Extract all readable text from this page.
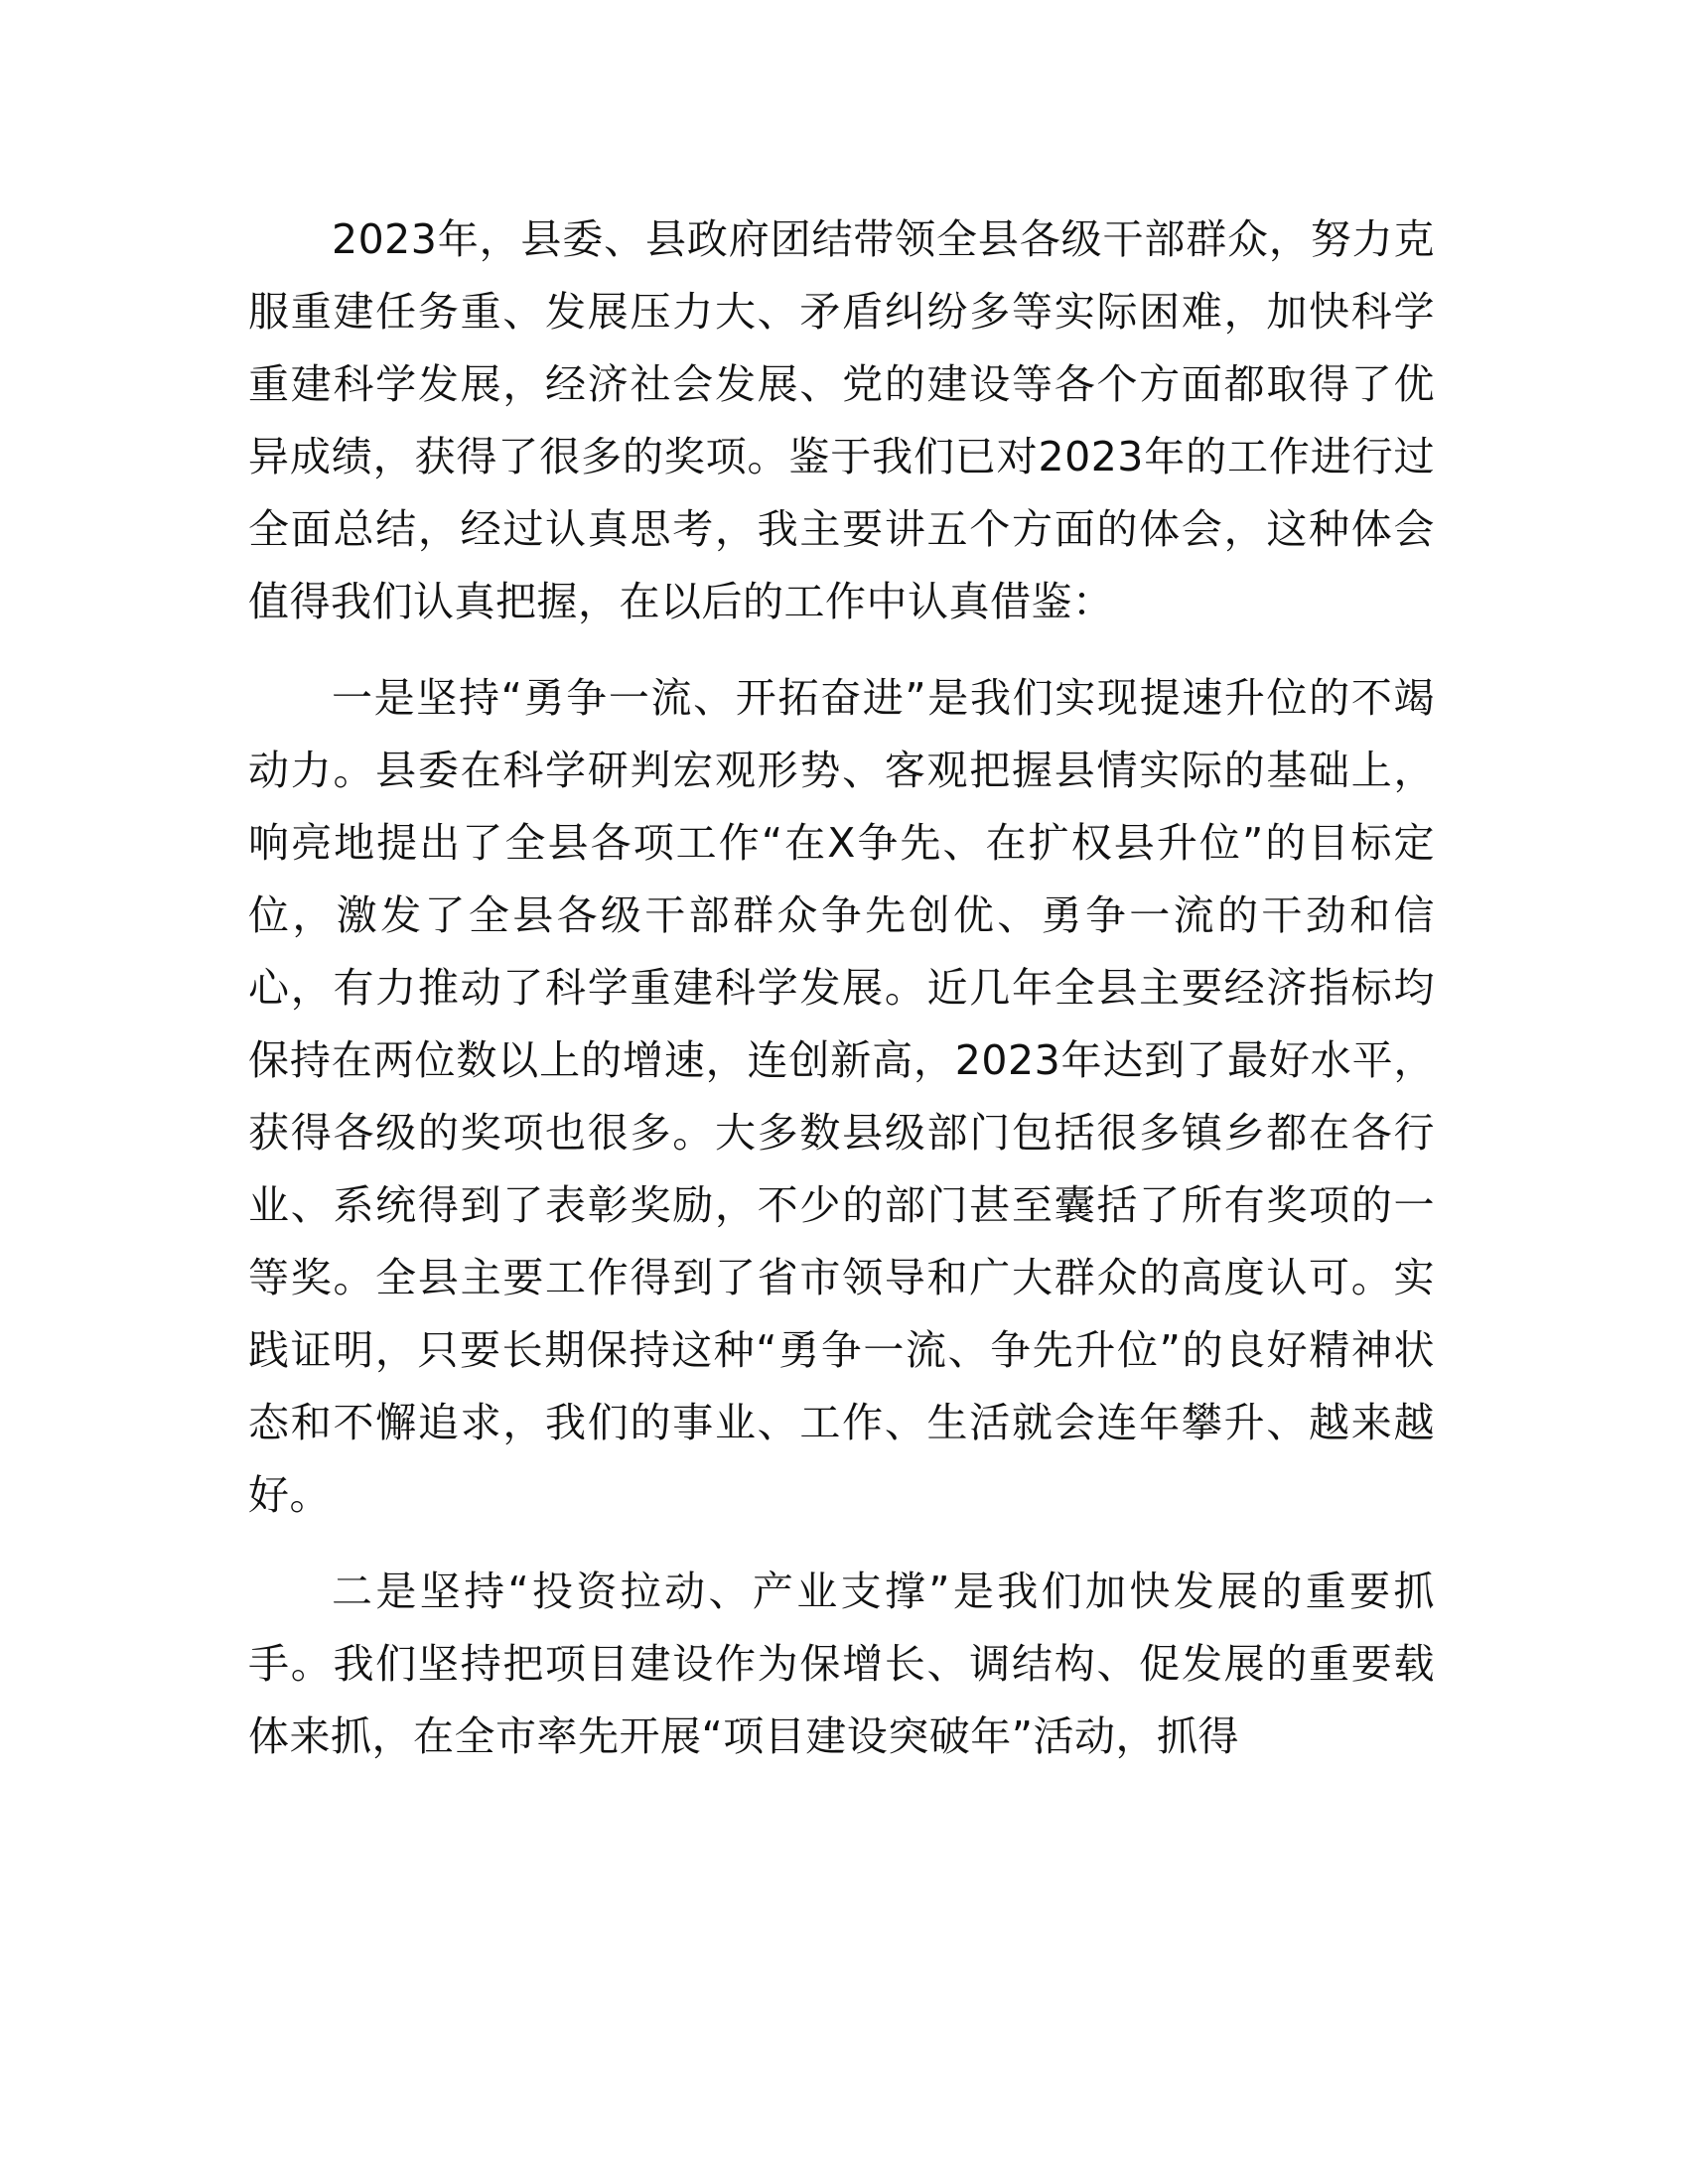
2023年，县委、县政府团结带领全县各级干部群众，努力克服重建任务重、发展压力大、矛盾纠纷多等实际困难，加快科学重建科学发展，经济社会发展、党的建设等各个方面都取得了优异成绩，获得了很多的奖项。鉴于我们已对2023年的工作进行过全面总结，经过认真思考，我主要讲五个方面的体会，这种体会值得我们认真把握，在以后的工作中认真借鉴：

一是坚持“勇争一流、开拓奋进”是我们实现提速升位的不竭动力。县委在科学研判宏观形势、客观把握县情实际的基础上，响亮地提出了全县各项工作“在X争先、在扩权县升位”的目标定位，激发了全县各级干部群众争先创优、勇争一流的干劲和信心，有力推动了科学重建科学发展。近几年全县主要经济指标均保持在两位数以上的增速，连创新高，2023年达到了最好水平，获得各级的奖项也很多。大多数县级部门包括很多镇乡都在各行业、系统得到了表彰奖励，不少的部门甚至囊括了所有奖项的一等奖。全县主要工作得到了省市领导和广大群众的高度认可。实践证明，只要长期保持这种“勇争一流、争先升位”的良好精神状态和不懈追求，我们的事业、工作、生活就会连年攀升、越来越好。

二是坚持“投资拉动、产业支撑”是我们加快发展的重要抓手。我们坚持把项目建设作为保增长、调结构、促发展的重要载体来抓，在全市率先开展“项目建设突破年”活动，抓得
